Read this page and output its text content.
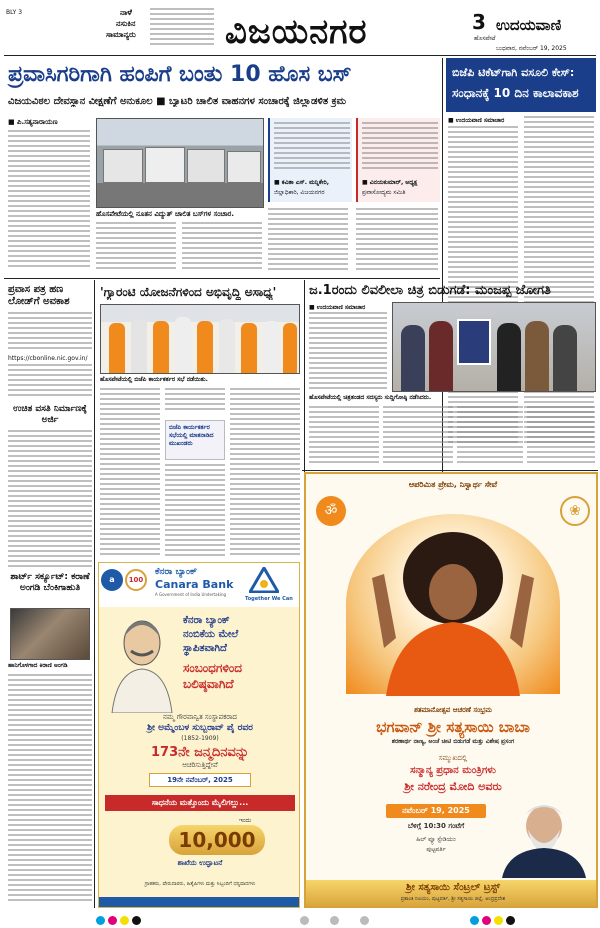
BLY 3	ನಾಳೆ
ನಸುಕಿನ
ಸಾಮಾನ್ಯರು	ವಿಜಯನಗರ	3 ಉದಯವಾಣಿ
ಹೊಸಪೇಟೆ
ಬುಧವಾರ, ನವೆಂಬರ್ 19, 2025
ಪ್ರವಾಸಿಗರಿಗಾಗಿ ಹಂಪಿಗೆ ಬಂತು 10 ಹೊಸ ಬಸ್
ವಿಜಯವಿಠಲ ದೇವಸ್ಥಾನ ವೀಕ್ಷಣೆಗೆ ಅನುಕೂಲ ■ ಬ್ಯಾಟರಿ ಚಾಲಿತ ವಾಹನಗಳ ಸಂಚಾರಕ್ಕೆ ಜಿಲ್ಲಾಡಳಿತ ಕ್ರಮ
ಬಿಜೆಪಿ ಟಿಕೆಟ್‌ಗಾಗಿ ವಸೂಲಿ ಕೇಸ್:
ಸಂಧಾನಕ್ಕೆ 10 ದಿನ ಕಾಲಾವಕಾಶ
■ ಪಿ.ಸತ್ಯನಾರಾಯಣ
ಹೊಸಪೇಟೆಯಲ್ಲಿ ನೂತನ ವಿದ್ಯುತ್ ಚಾಲಿತ ಬಸ್‌ಗಳ ಸಂಚಾರ.
■ ಕವಿತಾ ಎಸ್. ಮನ್ನಿಕೇರಿ,
ಜಿಲ್ಲಾಧಿಕಾರಿ, ವಿಜಯನಗರ
■ ವಿನಯಕುಮಾರ್, ಅಧ್ಯಕ್ಷ
ಪ್ರವಾಸೋದ್ಯಮ ಸಮಿತಿ
■ ಉದಯವಾಣಿ ಸಮಾಚಾರ
ಪ್ರವಾಸ ಪತ್ರ ಹಣ ಲೋಡ್‌ಗೆ ಅವಕಾಶ
https://cbonline.nic.gov.in/
ಉಚಿತ ವಸತಿ ನಿರ್ಮಾಣಕ್ಕೆ ಅರ್ಜಿ
ಶಾರ್ಟ್ ಸರ್ಕ್ಯೂಟ್: ಕರಾಣೆ ಅಂಗಡಿ ಬೆಂಕಿಗಾಹುತಿ
ಹಾನಿಗೊಳಗಾದ ಕಿರಾಣಿ ಅಂಗಡಿ
'ಗ್ಯಾರಂಟಿ ಯೋಜನೆಗಳಿಂದ ಅಭಿವೃದ್ಧಿ ಅಸಾಧ್ಯ'
ಹೊಸಪೇಟೆಯಲ್ಲಿ ಬಿಜೆಪಿ ಕಾರ್ಯಕರ್ತರ ಸಭೆ ನಡೆಯಿತು.
ಬಿಜೆಪಿ ಕಾರ್ಯಕರ್ತರ ಸಭೆಯಲ್ಲಿ ಮಾತನಾಡಿದ ಮುಖಂಡರು
ಜ.1ರಂದು ಲಿವಲೀಲಾ ಚಿತ್ರ ಬಿಡುಗಡೆ: ಮಂಜಪ್ಪ ಜೋಗತಿ
■ ಉದಯವಾಣಿ ಸಮಾಚಾರ
ಹೊಸಪೇಟೆಯಲ್ಲಿ ಚಿತ್ರತಂಡದ ಸದಸ್ಯರು ಸುದ್ದಿಗೋಷ್ಠಿ ನಡೆಸಿದರು.
a	100
ಕೆನರಾ ಬ್ಯಾಂಕ್
Canara Bank
A Government of India Undertaking
Together We Can
ಕೆನರಾ ಬ್ಯಾಂಕ್
ನಂಬಿಕೆಯ ಮೇಲೆ
ಸ್ಥಾಪಿತವಾಗಿದೆ
ಸಂಬಂಧಗಳಿಂದ
ಬಲಿಷ್ಠವಾಗಿದೆ
ನಮ್ಮ ಗೌರವಾನ್ವಿತ ಸಂಸ್ಥಾಪಕರಾದ
ಶ್ರೀ ಅಮ್ಮೆಂಬಳ ಸುಬ್ಬರಾವ್ ಪೈ ರವರ
(1852-1909)
173ನೇ ಜನ್ಮದಿನವನ್ನು
ಆಚರಿಸುತ್ತಿದ್ದೇವೆ
19ನೇ ನವೆಂಬರ್, 2025
ಸಾಧನೆಯ ಮತ್ತೊಂದು ಮೈಲಿಗಲ್ಲು...
ಇಂದು
10,000
ಶಾಖೆಯ ಉದ್ಘಾಟನೆ
ಗ್ರಾಹಕರು, ಷೇರುದಾರರು, ಹಿತೈಷಿಗಳು ಮತ್ತು ಸಿಬ್ಬಂದಿಗೆ ಧನ್ಯವಾದಗಳು
ಆಪರಿಮಿತ ಪ್ರೇಮ, ನಿಸ್ವಾರ್ಥ ಸೇವೆ
ॐ	❀
ಶತಮಾನೋತ್ಸವ ಆಚರಣೆ ಸಂಭ್ರಮ
ಭಗವಾನ್ ಶ್ರೀ ಸತ್ಯಸಾಯಿ ಬಾಬಾ
ಶರಣಾರ್ಥ ನಾಣ್ಯ, ಅಂಚೆ ಚೀಟಿ ಬಿಡುಗಡೆ ಮತ್ತು ವಿಶೇಷ ಪ್ರಸಂಗ
ಸಮ್ಮುಖದಲ್ಲಿ
ಸನ್ಮಾನ್ಯ ಪ್ರಧಾನ ಮಂತ್ರಿಗಳು
ಶ್ರೀ ನರೇಂದ್ರ ಮೋದಿ ಅವರು
ನವೆಂಬರ್ 19, 2025
ಬೆಳಿಗ್ಗೆ 10:30 ಗಂಟೆಗೆ
ಹಿಲ್ ವ್ಯೂ ಸ್ಟೇಡಿಯಂ
ಪುಟ್ಟಪರ್ತಿ
ಶ್ರೀ ಸತ್ಯಸಾಯಿ ಸೆಂಟ್ರಲ್ ಟ್ರಸ್ಟ್
ಪ್ರಶಾಂತಿ ನಿಲಯಂ, ಪುಟ್ಟಪರ್ತಿ, ಶ್ರೀ ಸತ್ಯಸಾಯಿ ಜಿಲ್ಲೆ, ಆಂಧ್ರಪ್ರದೇಶ
